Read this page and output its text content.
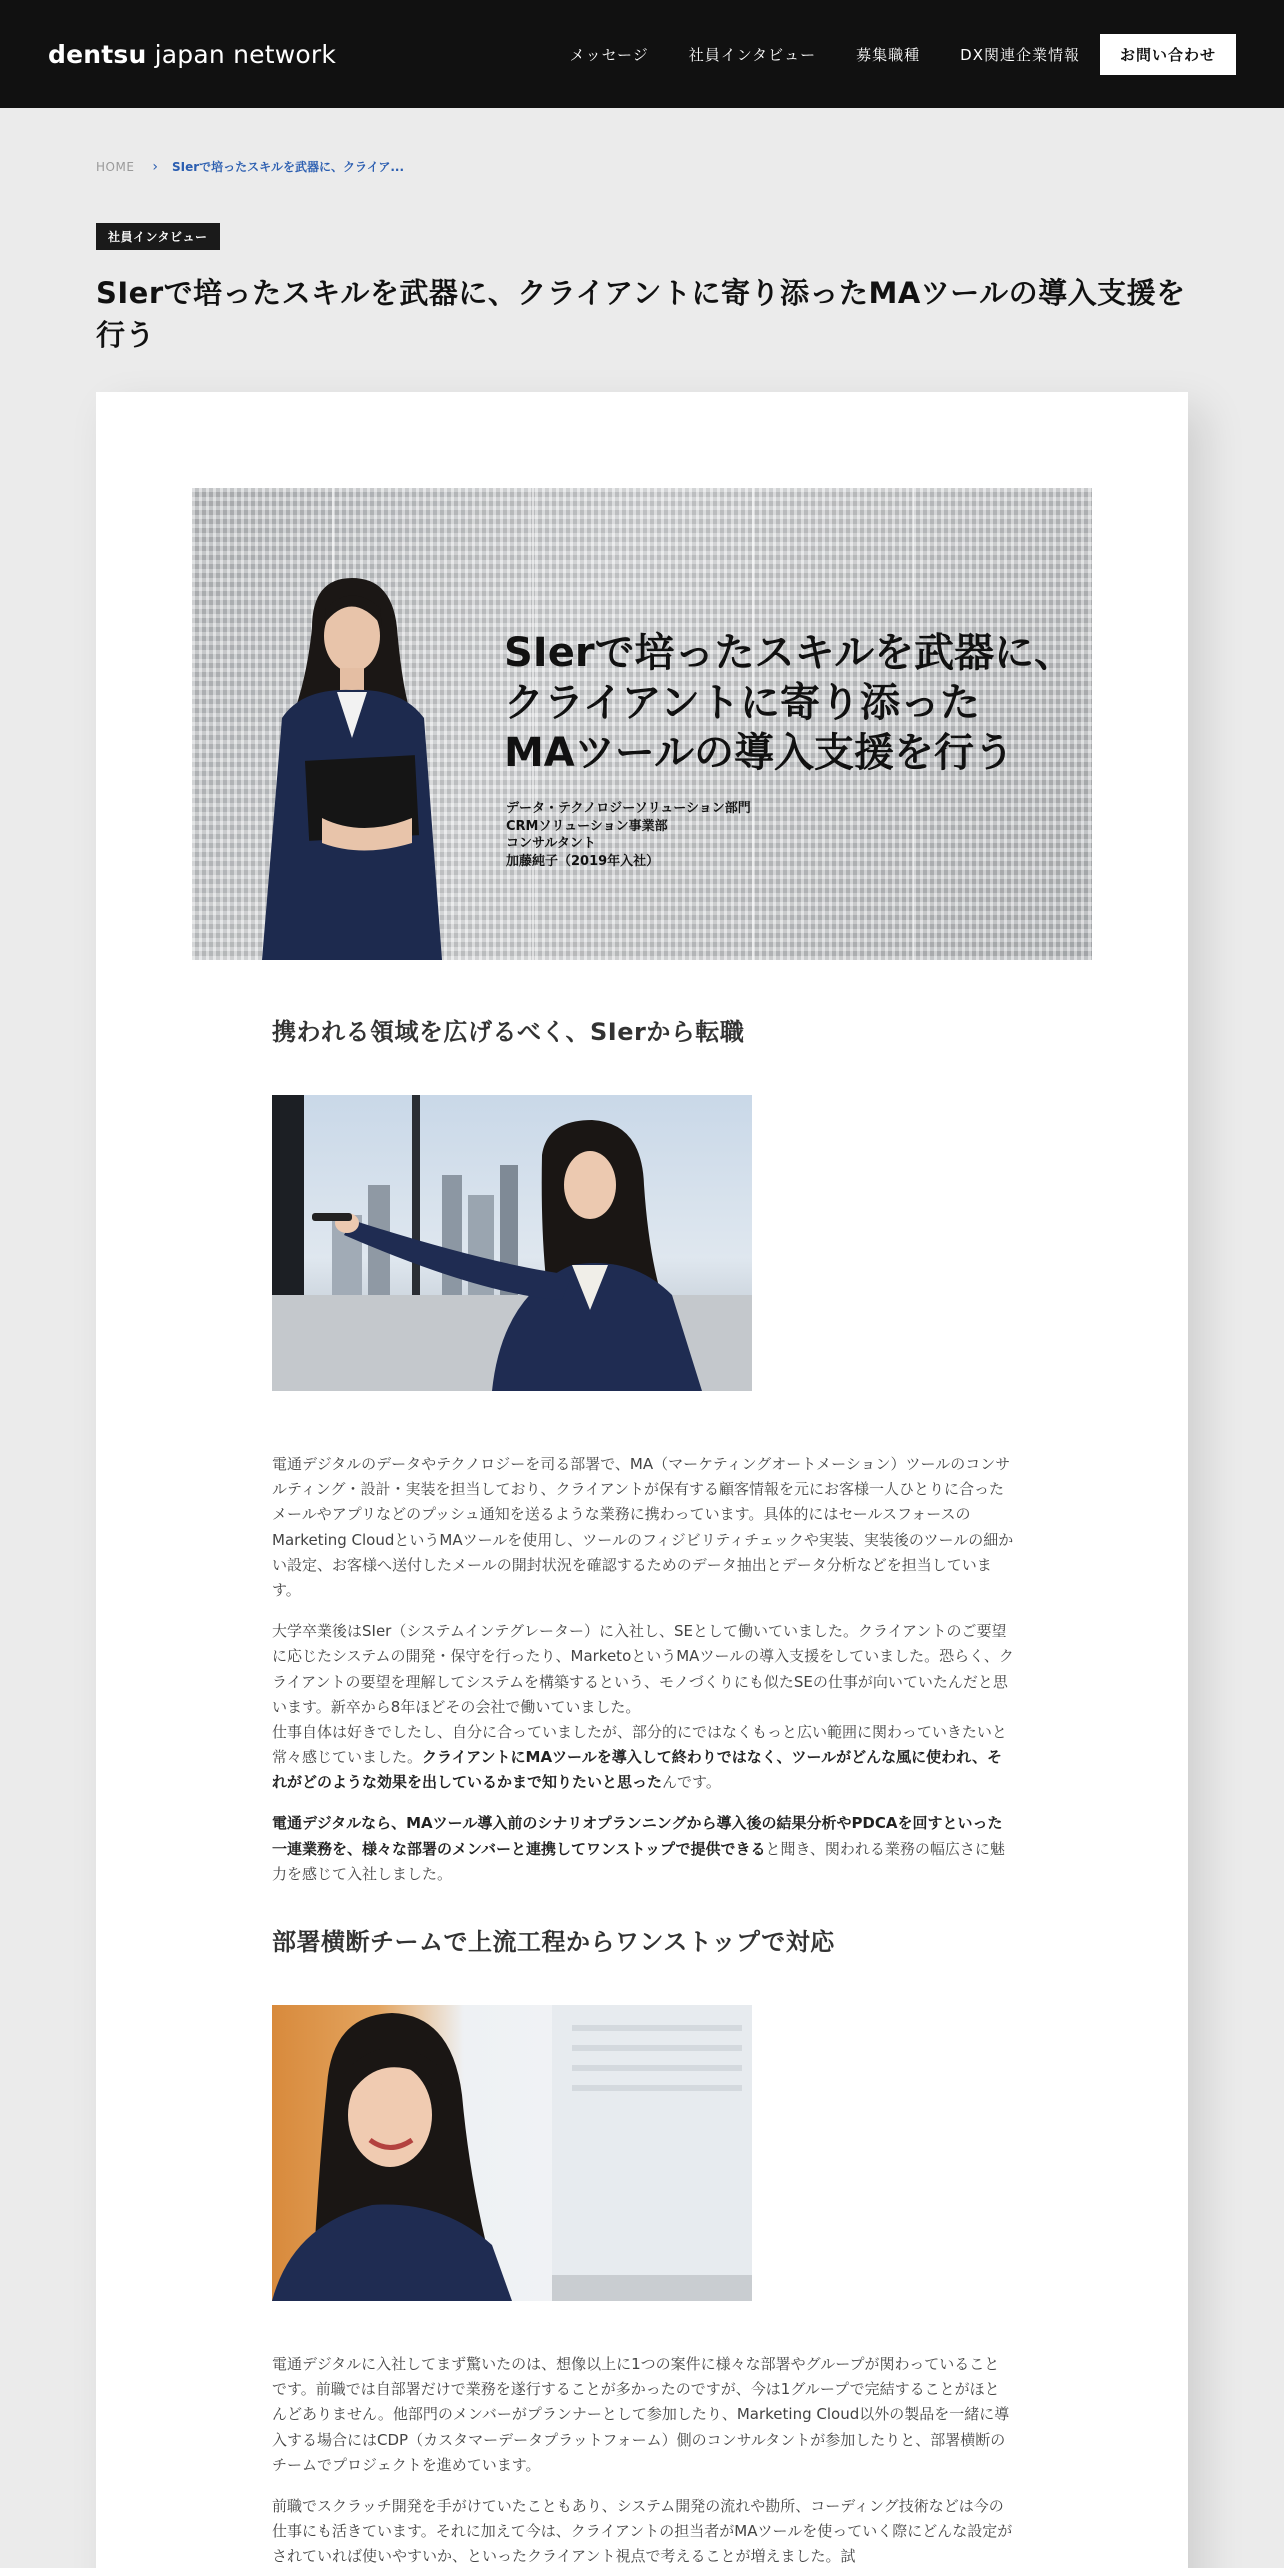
dentsu japan network	メッセージ	社員インタビュー	募集職種	DX関連企業情報	お問い合わせ
HOME › SIerで培ったスキルを武器に、クライア...
社員インタビュー
SIerで培ったスキルを武器に、クライアントに寄り添ったMAツールの導入支援を行う
SIerで培ったスキルを武器に、
クライアントに寄り添った
MAツールの導入支援を行う
データ・テクノロジーソリューション部門
CRMソリューション事業部
コンサルタント
加藤純子（2019年入社）
携われる領域を広げるべく、SIerから転職

電通デジタルのデータやテクノロジーを司る部署で、MA（マーケティングオートメーション）ツールのコンサルティング・設計・実装を担当しており、クライアントが保有する顧客情報を元にお客様一人ひとりに合ったメールやアプリなどのプッシュ通知を送るような業務に携わっています。具体的にはセールスフォースのMarketing CloudというMAツールを使用し、ツールのフィジビリティチェックや実装、実装後のツールの細かい設定、お客様へ送付したメールの開封状況を確認するためのデータ抽出とデータ分析などを担当しています。

大学卒業後はSIer（システムインテグレーター）に入社し、SEとして働いていました。クライアントのご要望に応じたシステムの開発・保守を行ったり、MarketoというMAツールの導入支援をしていました。恐らく、クライアントの要望を理解してシステムを構築するという、モノづくりにも似たSEの仕事が向いていたんだと思います。新卒から8年ほどその会社で働いていました。

仕事自体は好きでしたし、自分に合っていましたが、部分的にではなくもっと広い範囲に関わっていきたいと常々感じていました。クライアントにMAツールを導入して終わりではなく、ツールがどんな風に使われ、それがどのような効果を出しているかまで知りたいと思ったんです。

電通デジタルなら、MAツール導入前のシナリオプランニングから導入後の結果分析やPDCAを回すといった一連業務を、様々な部署のメンバーと連携してワンストップで提供できると聞き、関われる業務の幅広さに魅力を感じて入社しました。

部署横断チームで上流工程からワンストップで対応

電通デジタルに入社してまず驚いたのは、想像以上に1つの案件に様々な部署やグループが関わっていることです。前職では自部署だけで業務を遂行することが多かったのですが、今は1グループで完結することがほとんどありません。他部門のメンバーがプランナーとして参加したり、Marketing Cloud以外の製品を一緒に導入する場合にはCDP（カスタマーデータプラットフォーム）側のコンサルタントが参加したりと、部署横断のチームでプロジェクトを進めています。

前職でスクラッチ開発を手がけていたこともあり、システム開発の流れや勘所、コーディング技術などは今の仕事にも活きています。それに加えて今は、クライアントの担当者がMAツールを使っていく際にどんな設定がされていれば使いやすいか、といったクライアント視点で考えることが増えました。試
